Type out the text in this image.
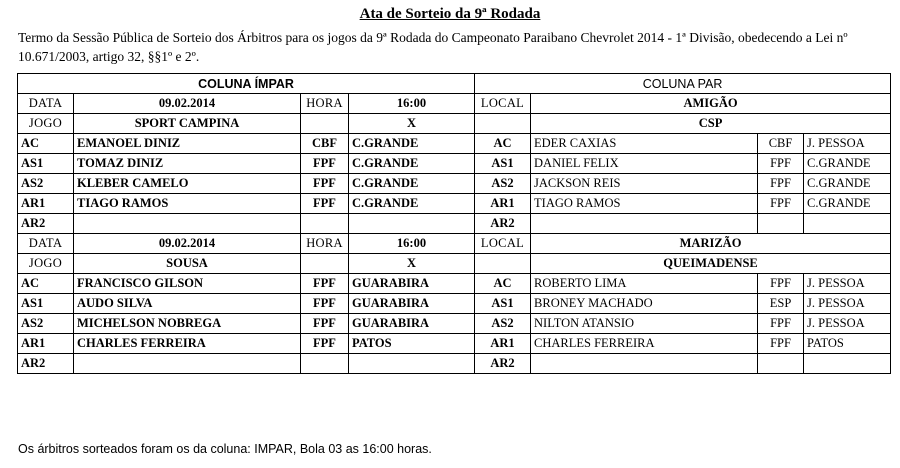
Ata de Sorteio da 9ª Rodada
Termo da Sessão Pública de Sorteio dos Árbitros para os jogos da 9ª Rodada do Campeonato Paraibano Chevrolet 2014 - 1ª Divisão, obedecendo a Lei nº 10.671/2003, artigo 32, §§1º e 2º.
COLUNA ÍMPAR				COLUNA PAR			
DATA	09.02.2014	HORA	16:00	LOCAL	AMIGÃO		
JOGO	SPORT CAMPINA		X		CSP		
AC	EMANOEL DINIZ	CBF	C.GRANDE	AC	EDER CAXIAS	CBF	J. PESSOA
AS1	TOMAZ DINIZ	FPF	C.GRANDE	AS1	DANIEL FELIX	FPF	C.GRANDE
AS2	KLEBER CAMELO	FPF	C.GRANDE	AS2	JACKSON REIS	FPF	C.GRANDE
AR1	TIAGO RAMOS	FPF	C.GRANDE	AR1	TIAGO RAMOS	FPF	C.GRANDE
AR2				AR2			
DATA	09.02.2014	HORA	16:00	LOCAL	MARIZÃO		
JOGO	SOUSA		X		QUEIMADENSE		
AC	FRANCISCO GILSON	FPF	GUARABIRA	AC	ROBERTO LIMA	FPF	J. PESSOA
AS1	AUDO SILVA	FPF	GUARABIRA	AS1	BRONEY MACHADO	ESP	J. PESSOA
AS2	MICHELSON NOBREGA	FPF	GUARABIRA	AS2	NILTON ATANSIO	FPF	J. PESSOA
AR1	CHARLES FERREIRA	FPF	PATOS	AR1	CHARLES FERREIRA	FPF	PATOS
AR2				AR2			
Os árbitros sorteados foram os da coluna: IMPAR, Bola 03 as 16:00 horas.
